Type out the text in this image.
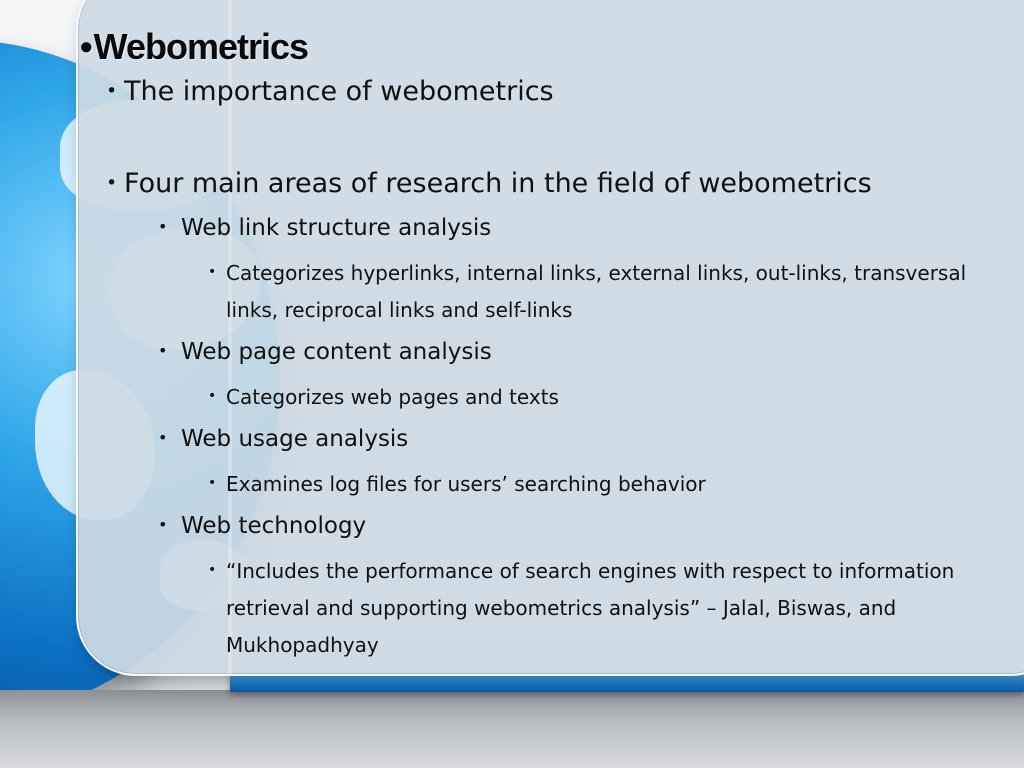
•Webometrics
• The importance of webometrics
• Four main areas of research in the field of webometrics
• Web link structure analysis
• Categorizes hyperlinks, internal links, external links, out-links, transversal links, reciprocal links and self-links
• Web page content analysis
• Categorizes web pages and texts
• Web usage analysis
• Examines log files for users’ searching behavior
• Web technology
• “Includes the performance of search engines with respect to information retrieval and supporting webometrics analysis” – Jalal, Biswas, and Mukhopadhyay
